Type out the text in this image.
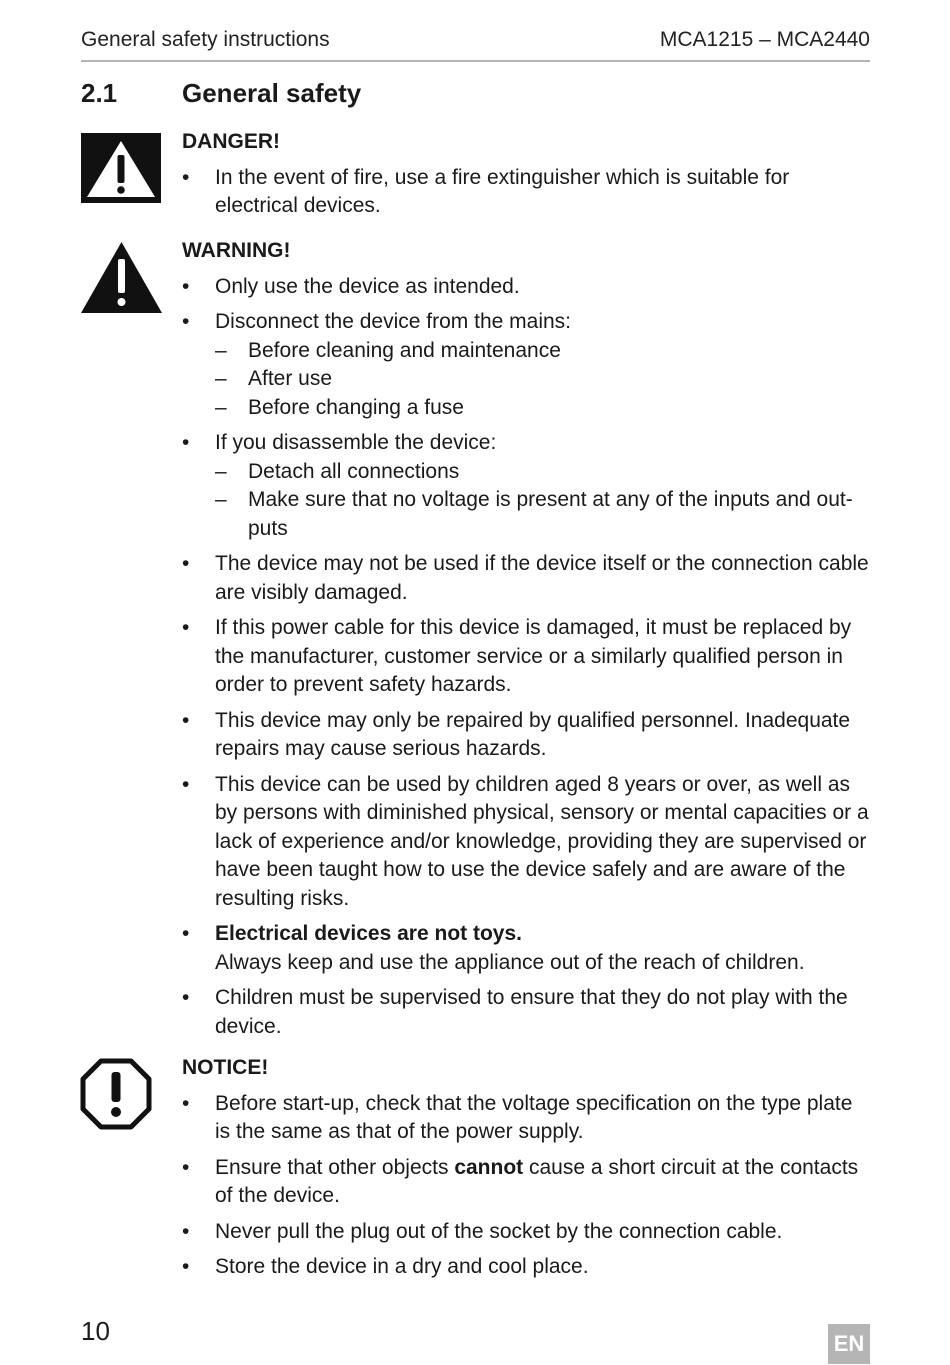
General safety instructions	MCA1215 – MCA2440
2.1 General safety

DANGER!

• In the event of fire, use a fire extinguisher which is suitable for electrical devices.

WARNING!

• Only use the device as intended.
• Disconnect the device from the mains:
– Before cleaning and maintenance
– After use
– Before changing a fuse
• If you disassemble the device:
– Detach all connections
– Make sure that no voltage is present at any of the inputs and out-puts
• The device may not be used if the device itself or the connection cable are visibly damaged.
• If this power cable for this device is damaged, it must be replaced by the manufacturer, customer service or a similarly qualified person in order to prevent safety hazards.
• This device may only be repaired by qualified personnel. Inadequate repairs may cause serious hazards.
• This device can be used by children aged 8 years or over, as well as by persons with diminished physical, sensory or mental capacities or a lack of experience and/or knowledge, providing they are supervised or have been taught how to use the device safely and are aware of the resulting risks.
• Electrical devices are not toys.
Always keep and use the appliance out of the reach of children.
• Children must be supervised to ensure that they do not play with the device.

NOTICE!

• Before start-up, check that the voltage specification on the type plate is the same as that of the power supply.
• Ensure that other objects cannot cause a short circuit at the contacts of the device.
• Never pull the plug out of the socket by the connection cable.
• Store the device in a dry and cool place.
10	EN
